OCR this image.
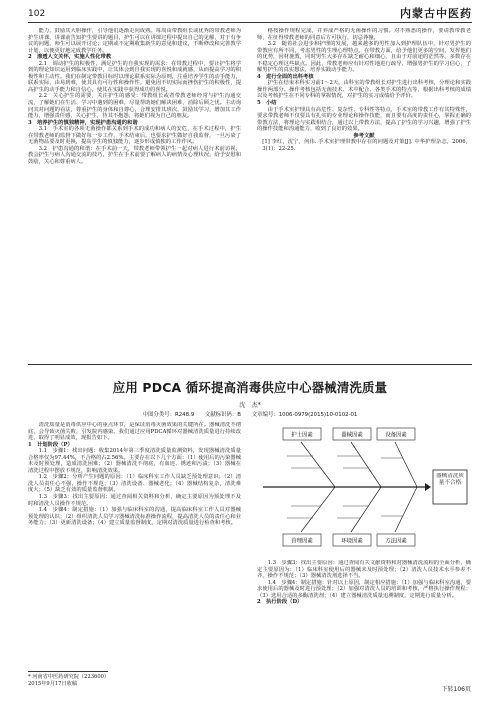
102	内蒙古中医药

能力，鼓励其大胆操作，引导他们逐渐走向成熟。每周由带教组长或优秀的带教老师为护生讲课，讲课前告知护生要讲的题目，护生可以在讲课过程中提出自己的见解，对于有争议的问题，师生可以展开讨论；定期或不定期收集新生的意见和建议，不断修改和完善教学计划，以便更好地完成教学任务。

2　渗透人文关怀，实施人性化带教

2.1　调动护生的积极性，满足护生的自我实现的需求：在带教过程中，要让护生将学到的理论知识运用到临床实践中，让其体会到自我实现的喜悦和成就感，从而提高学习的积极性和主动性。我们在制定带教目标时以理论联系实际为原则，注重培养学生的动手能力，联系实际，由易到难，使其具有可行性和操作性。避免因不切实际而挫伤护生的积极性，提高护生的动手能力和自信心，使其在实践中获得成功的喜悦。

2.2　关心护生的需要，关注护生的感受：带教组长或者带教老师经常与护生沟通交流，了解她们在生活、学习中遇到的困难，尽量帮助她们解决困难，消除后顾之忧。主动询问其对问题的看法，尊重护生的身体和自尊心，合理安排其班次，鼓励其学习，增加其工作能力，增强责任感，关心护生，待其不抱怨，将她们视为自己的朋友。

3　培养护生的慎独精神，实现护患沟通的和谐

3.1　手术室的各项无菌操作都关系到手术的成功和病人的安危，在手术过程中，护生在带教老师的监督下做好每一步工作，手术结束后，也要求护生做好自我监督，一旦污染了无菌物品要及时更换，提高学生的慎独能力，逐步形成慎独的工作作风。

3.2　护患沟通的和谐：在手术前一天，带教老师带领护生一起对病人进行术前访视，教会护生与病人沟通交流的技巧，护生在手术前要了解病人的病情及心理状况，给予安慰和鼓励，关心和尊重病人。

格按操作规程完成，并养成严格的无菌操作的习惯。对不熟悉的操作，要请教带教老师，在征得带教老师的同意后方可执行，切忌莽撞。

3.2　随着社会进步和护理的发展，越来越多的男性加入到护理队伍中，针对男护生的带教应有所不同，考虑男性的生理心理特点，在带教方面，给予他们更多的空间，发挥他们的优势，因材施教，同时男生大多存在缺乏耐心和细心，且由于对前途的茫然等，多数存在不稳定心理这些缺点。因此，带教老师应有针对性地进行疏导，增强男护生的学习信心，了解男护生的真实想法，培养实践动手能力。

4　进行全面的出科考核

护生在结束本科实习前1～2天，由科室的带教组长对护生进行出科考核，分理论和实践操作两部分。操作考核包括无菌技术、术中配合、各类手术的特点等，根据出科考核的成绩以及考核护生在不同专科的掌握情况，对护生的实习成绩给予评价。

5　小结

由于手术室护理具有高危性、复杂性、专科性等特点，手术室的带教工作有其特殊性，要求带教老师不仅要具有扎实的专业理论和操作技能，而且要有高度的责任心，掌握正确的带教方法，将理论与实践相结合，通过以上带教方法，提高了护生的学习兴趣，增强了护生的操作技能和沟通能力，收到了良好的效果。

参考文献

[1] 李红，沈宁，何伟. 手术室护理带教中存在的问题及对策[J]. 中华护理杂志，2006，3(1)：22-25.

应用 PDCA 循环提高消毒供应中心器械清洗质量
沈　杰*
中图分类号：R248.9　　文献标识码：B　　文章编号：1006-0979(2015)10-0102-01

清洗质量是消毒供应中心的重点环节，是保证消毒灭菌效果的关键所在。器械清洗不彻底，会导致灭菌失败，引发院内感染。我们通过应用PDCA循环对器械清洗质量进行持续改进，取得了明显成效，现报告如下。

1　计划阶段（P）

1.1　步骤1：找出问题：收集2014年第三季度清洗质量监测资料，发现器械清洗质量合格率仅为97.44%，不合格的占2.56%。主要存在以下几个方面：（1）使用后的污染器械未及时预处理，造成清洗困难；（2）器械清洗不彻底，有血迹、锈迹和污渍；（3）器械在清洗过程中摆放不规范，影响清洗效果。

1.2　步骤2：分析产生问题的原因：（1）临床科室工作人员缺乏预处理意识；（2）清洗人员责任心不强，操作不规范；（3）清洗设备、器械老化；（4）器械结构复杂，清洗难度大；（5）缺乏有效的质量监督机制。

1.3　步骤3：找出主要原因：通过查阅相关资料和分析，确定主要原因为预处理不及时和清洗人员操作不规范。

1.4　步骤4：制定措施：（1）加强与临床科室的沟通，提高临床科室工作人员对器械预处理的认识；（2）组织清洗人员学习器械清洗标准操作流程，提高清洗人员的责任心和业务能力；（3）更新清洗设备；（4）建立质量监督制度，定期对清洗质量进行检查和考核。

护士因素	器械因素	设备因素
管理因素	环境因素	方法因素
器械清洗质量不合格

1.3　步骤3：找出主要原因：通过查阅有关文献资料和对器械清洗流程的全面分析，确定主要原因为：（1）临床科室使用后的器械未及时预处理；（2）清洗人员技术水平参差不齐，操作不规范；（3）器械清洗剂选择不当。

1.4　步骤4：制定措施：针对以上原因，制定相应措施：（1）加强与临床科室沟通，要求使用后的器械及时进行预处理；（2）加强对清洗人员的培训和考核，严格执行操作规程；（3）选用合适的多酶清洗剂；（4）建立器械清洗质量追溯制度，定期进行质量分析。

2　执行阶段（D）

* 河南省中医药研究院（223600）
2015年9月17日收稿
下转106页
